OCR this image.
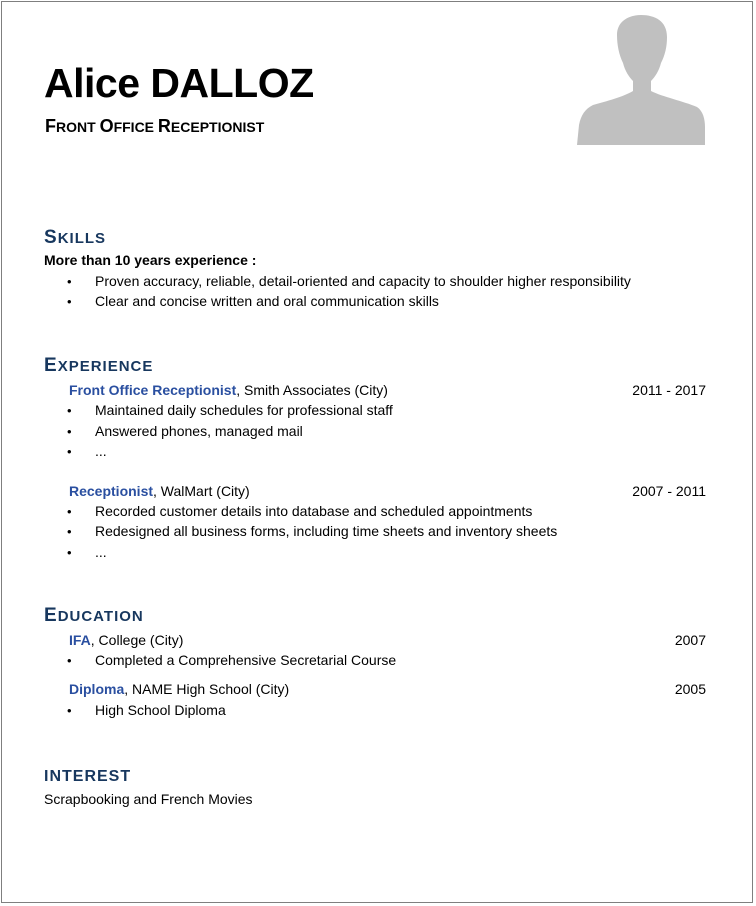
Alice DALLOZ
FRONT OFFICE RECEPTIONIST
SKILLS
More than 10 years experience :
• Proven accuracy, reliable, detail-oriented and capacity to shoulder higher responsibility
• Clear and concise written and oral communication skills
EXPERIENCE
Front Office Receptionist, Smith Associates (City)	2011 - 2017
• Maintained daily schedules for professional staff
• Answered phones, managed mail
• ...
Receptionist, WalMart (City)	2007 - 2011
• Recorded customer details into database and scheduled appointments
• Redesigned all business forms, including time sheets and inventory sheets
• ...
EDUCATION
IFA, College (City)	2007
• Completed a Comprehensive Secretarial Course
Diploma, NAME High School (City)	2005
• High School Diploma
INTEREST
Scrapbooking and French Movies
